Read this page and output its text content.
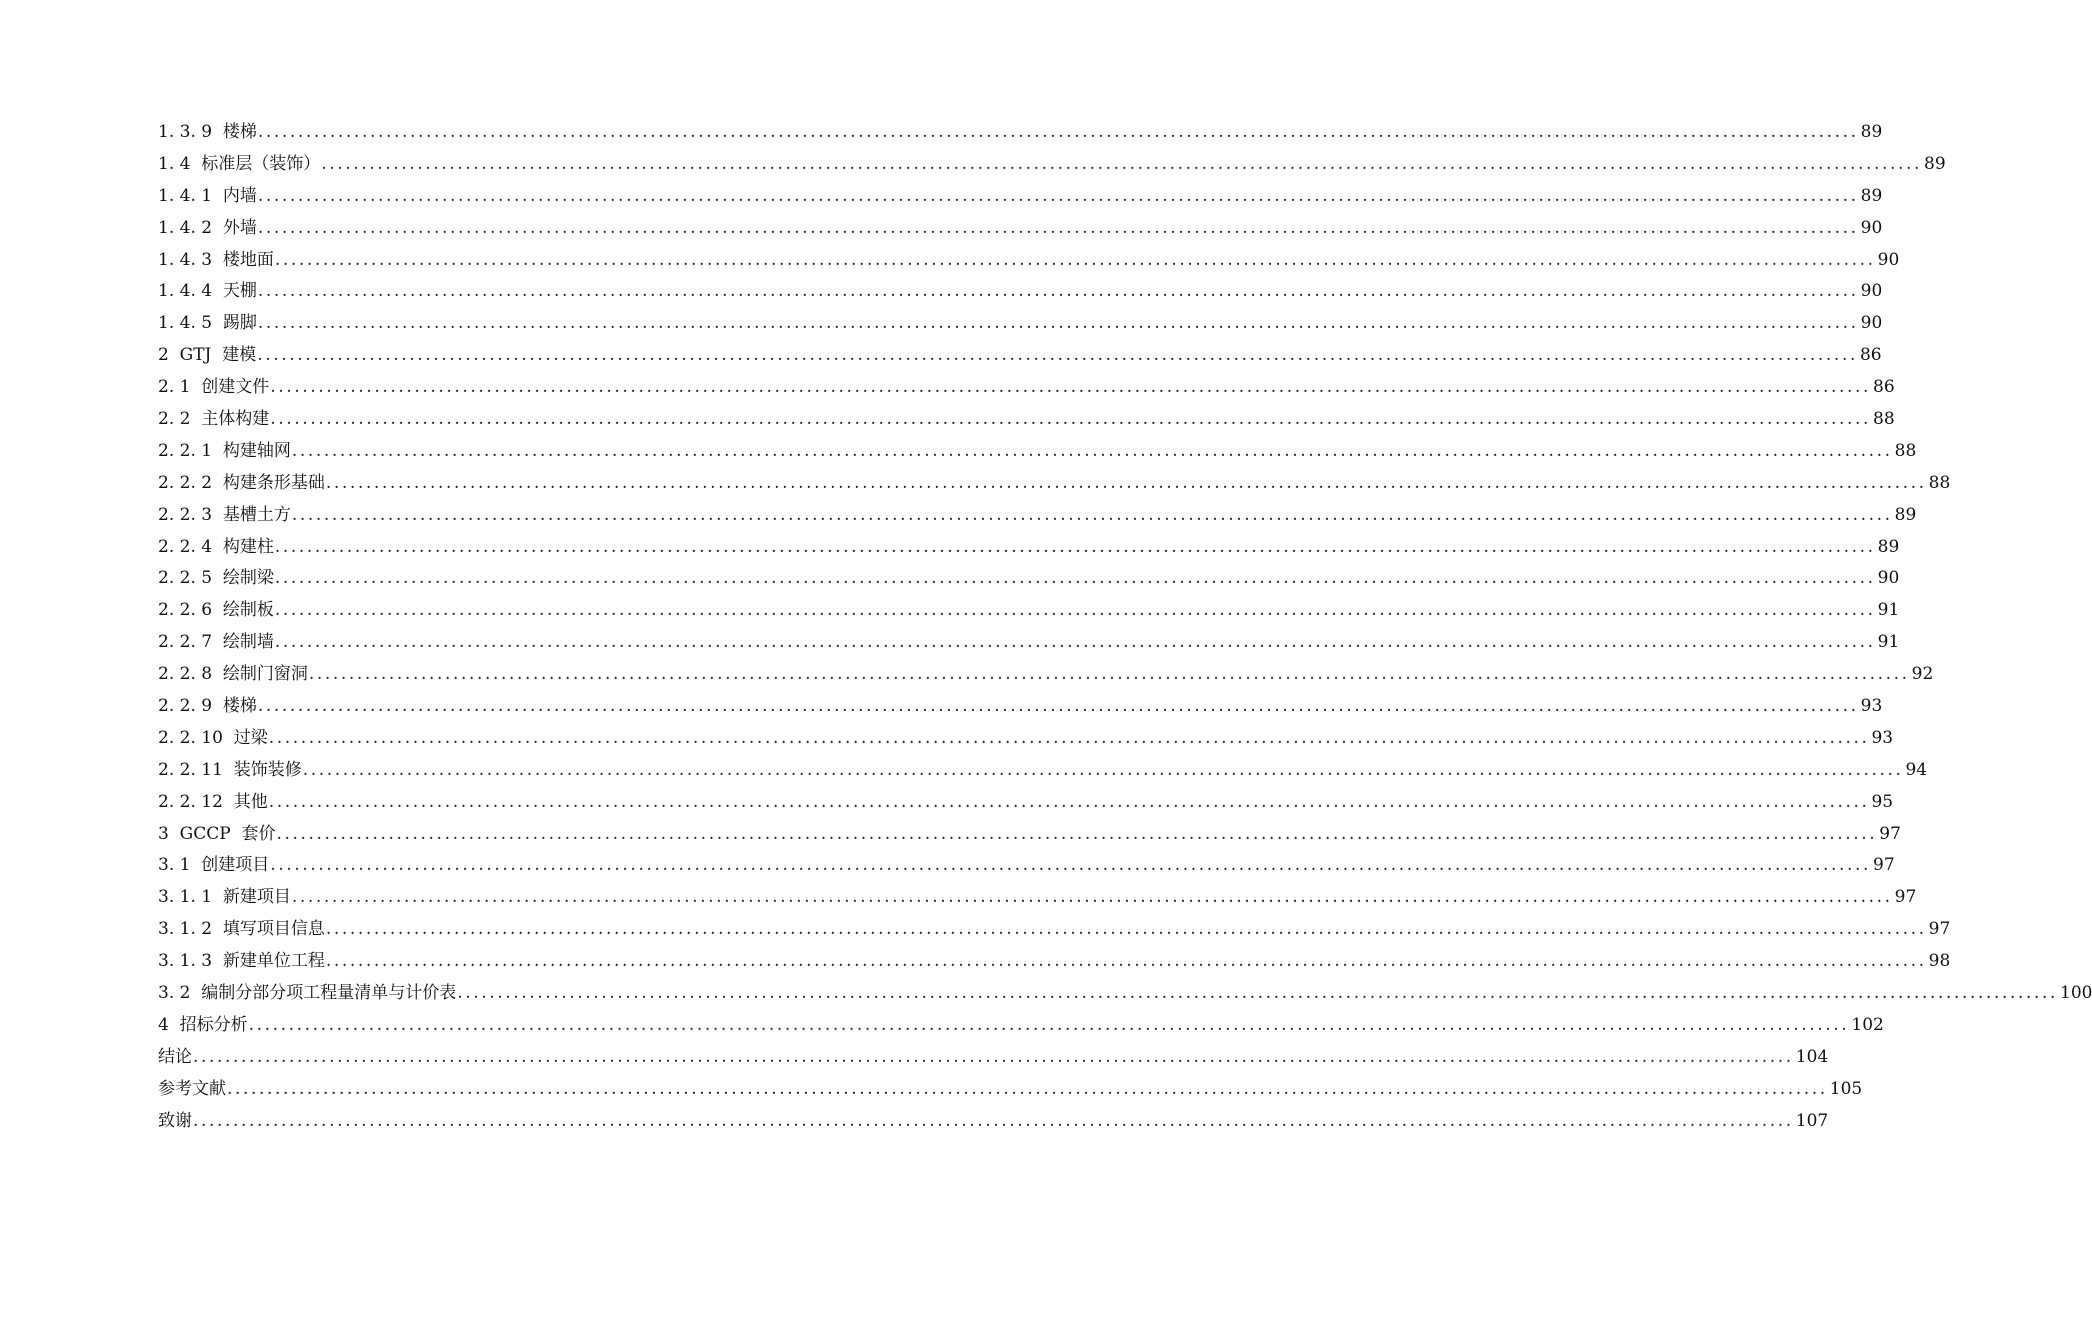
1. 3. 9 楼梯 ........................................................................................................................................................................................................ 89
1. 4 标准层（装饰） ........................................................................................................................................................................................................ 89
1. 4. 1 内墙 ........................................................................................................................................................................................................ 89
1. 4. 2 外墙 ........................................................................................................................................................................................................ 90
1. 4. 3 楼地面 ........................................................................................................................................................................................................ 90
1. 4. 4 天棚 ........................................................................................................................................................................................................ 90
1. 4. 5 踢脚 ........................................................................................................................................................................................................ 90
2 GTJ  建模 ........................................................................................................................................................................................................ 86
2. 1 创建文件 ........................................................................................................................................................................................................ 86
2. 2 主体构建 ........................................................................................................................................................................................................ 88
2. 2. 1 构建轴网 ........................................................................................................................................................................................................ 88
2. 2. 2 构建条形基础 ........................................................................................................................................................................................................ 88
2. 2. 3 基槽土方 ........................................................................................................................................................................................................ 89
2. 2. 4 构建柱 ........................................................................................................................................................................................................ 89
2. 2. 5 绘制梁 ........................................................................................................................................................................................................ 90
2. 2. 6 绘制板 ........................................................................................................................................................................................................ 91
2. 2. 7 绘制墙 ........................................................................................................................................................................................................ 91
2. 2. 8 绘制门窗洞 ........................................................................................................................................................................................................ 92
2. 2. 9 楼梯 ........................................................................................................................................................................................................ 93
2. 2. 10 过梁 ........................................................................................................................................................................................................ 93
2. 2. 11 装饰装修 ........................................................................................................................................................................................................ 94
2. 2. 12 其他 ........................................................................................................................................................................................................ 95
3 GCCP  套价 ........................................................................................................................................................................................................ 97
3. 1 创建项目 ........................................................................................................................................................................................................ 97
3. 1. 1 新建项目 ........................................................................................................................................................................................................ 97
3. 1. 2 填写项目信息 ........................................................................................................................................................................................................ 97
3. 1. 3 新建单位工程 ........................................................................................................................................................................................................ 98
3. 2 编制分部分项工程量清单与计价表 ........................................................................................................................................................................................................ 100
4 招标分析 ........................................................................................................................................................................................................ 102
结论 ........................................................................................................................................................................................................ 104
参考文献 ........................................................................................................................................................................................................ 105
致谢 ........................................................................................................................................................................................................ 107
